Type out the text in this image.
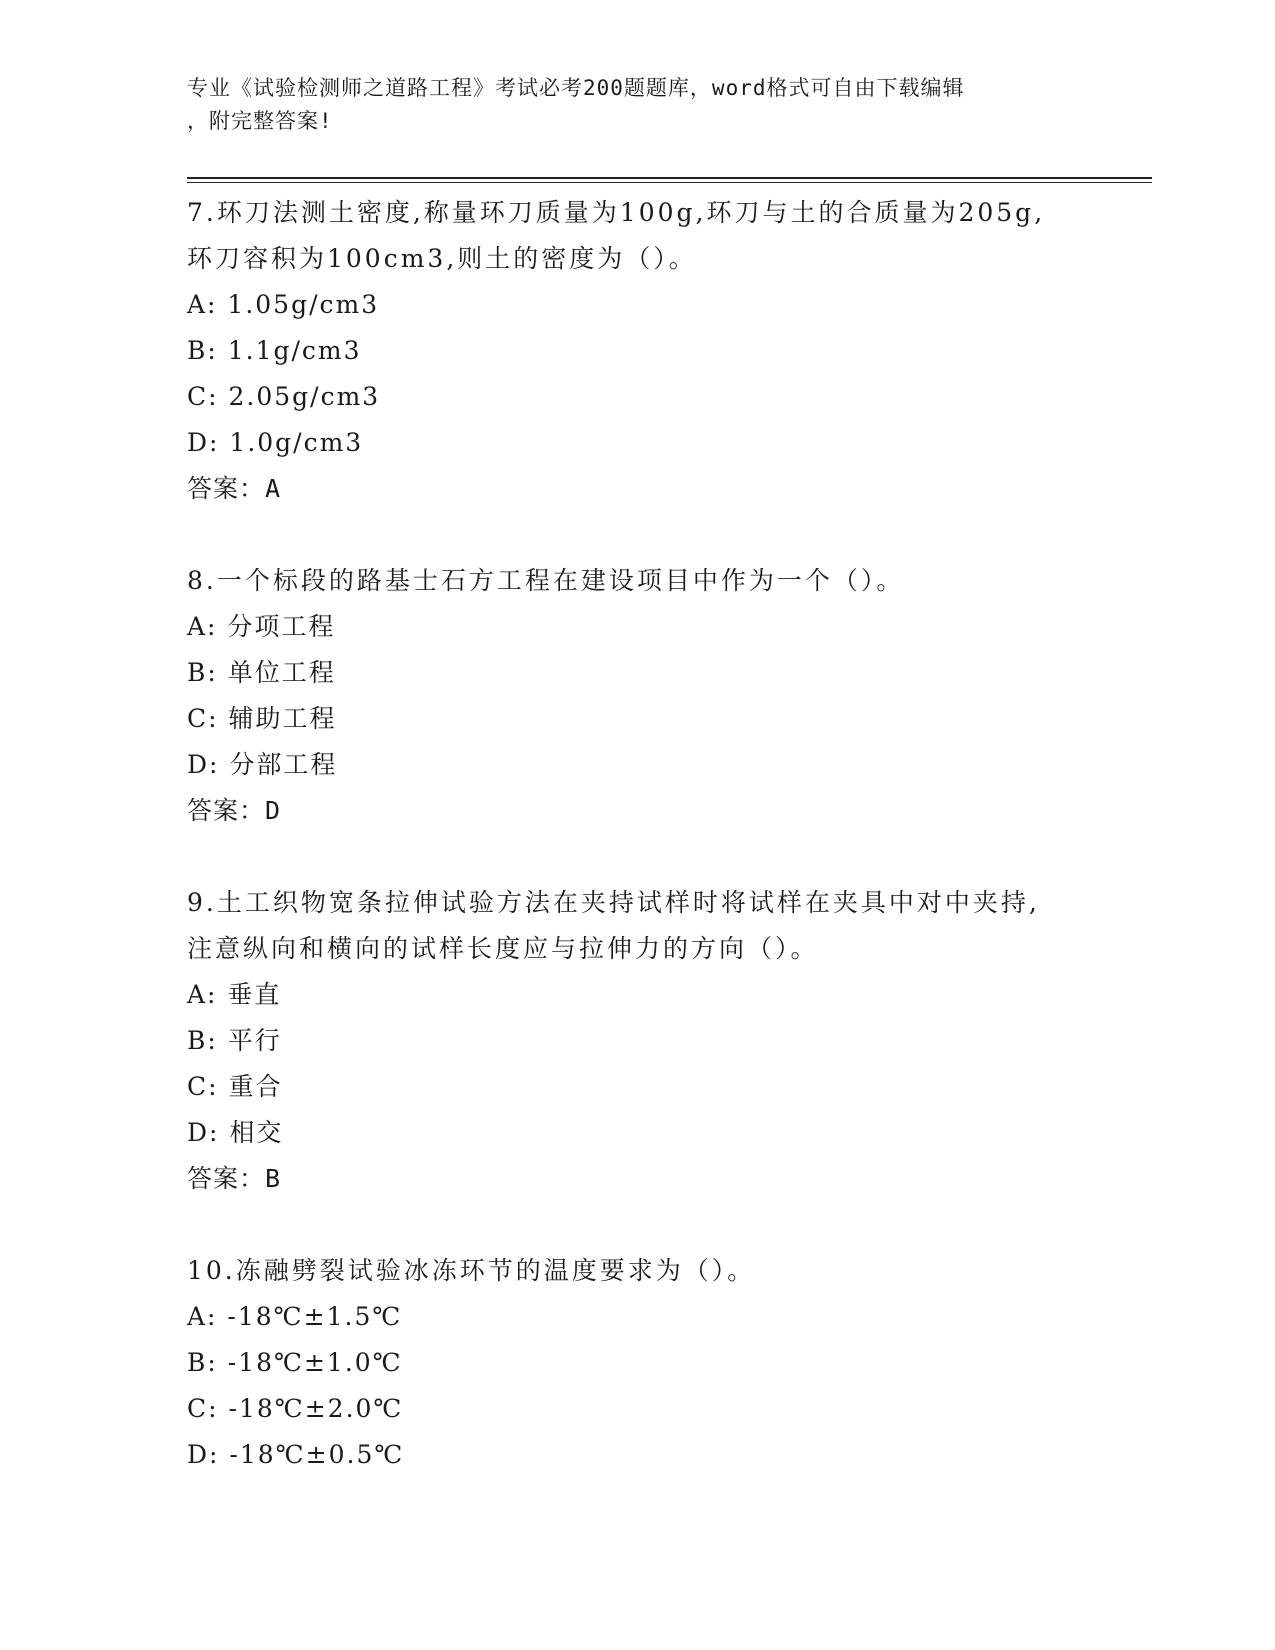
专业《试验检测师之道路工程》考试必考200题题库，word格式可自由下载编辑
，附完整答案!
7.环刀法测土密度,称量环刀质量为100g,环刀与土的合质量为205g,
环刀容积为100cm3,则土的密度为（）。
A: 1.05g/cm3
B: 1.1g/cm3
C: 2.05g/cm3
D: 1.0g/cm3
答案：A
8.一个标段的路基士石方工程在建设项目中作为一个（）。
A: 分项工程
B: 单位工程
C: 辅助工程
D: 分部工程
答案：D
9.土工织物宽条拉伸试验方法在夹持试样时将试样在夹具中对中夹持,
注意纵向和横向的试样长度应与拉伸力的方向（）。
A: 垂直
B: 平行
C: 重合
D: 相交
答案：B
10.冻融劈裂试验冰冻环节的温度要求为（）。
A: -18℃±1.5℃
B: -18℃±1.0℃
C: -18℃±2.0℃
D: -18℃±0.5℃
